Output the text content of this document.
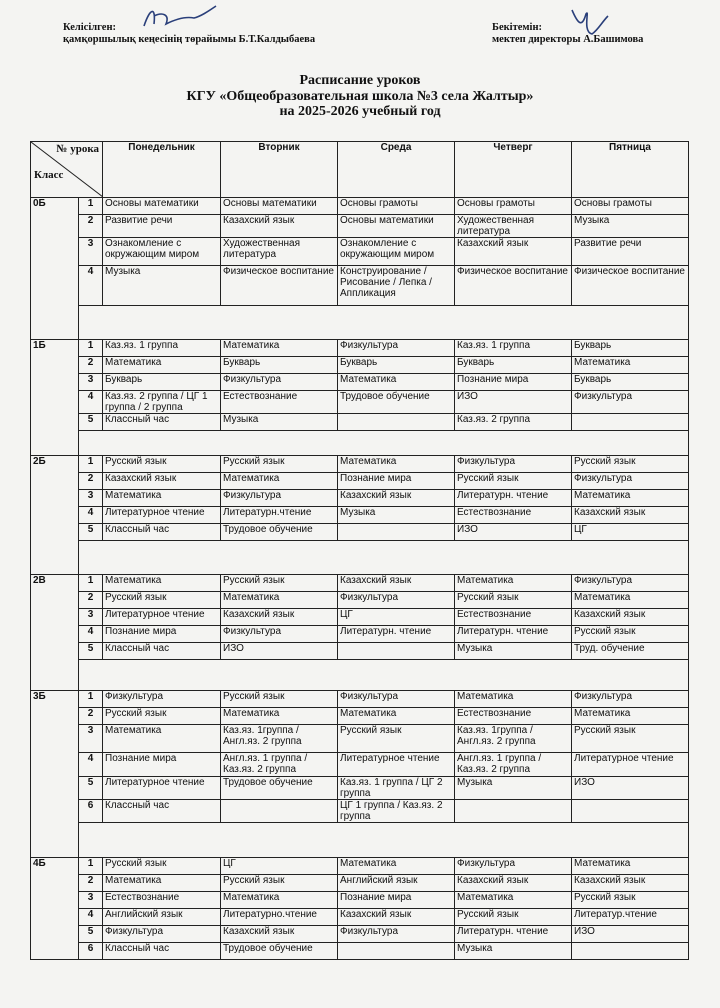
Келісілген:
қамқоршылық кеңесінің төрайымы Б.Т.Калдыбаева
Бекітемін:
мектеп директоры А.Башимова
Расписание уроков
КГУ «Общеобразовательная школа №3 села Жалтыр»
на 2025-2026 учебный год
№ урока
Класс		Понедельник	Вторник	Среда	Четверг	Пятница
0Б	1	Основы математики	Основы математики	Основы грамоты	Основы грамоты	Основы грамоты
	2	Развитие речи	Казахский язык	Основы математики	Художественная литература	Музыка
	3	Ознакомление с окружающим миром	Художественная литература	Ознакомление с окружающим миром	Казахский язык	Развитие речи
	4	Музыка	Физическое воспитание	Конструирование / Рисование / Лепка / Аппликация	Физическое воспитание	Физическое воспитание

1Б	1	Каз.яз. 1 группа	Математика	Физкультура	Каз.яз. 1 группа	Букварь
	2	Математика	Букварь	Букварь	Букварь	Математика
	3	Букварь	Физкультура	Математика	Познание мира	Букварь
	4	Каз.яз. 2 группа / ЦГ 1 группа / 2 группа	Естествознание	Трудовое обучение	ИЗО	Физкультура
	5	Классный час	Музыка		Каз.яз. 2 группа	

2Б	1	Русский язык	Русский язык	Математика	Физкультура	Русский язык
	2	Казахский язык	Математика	Познание мира	Русский язык	Физкультура
	3	Математика	Физкультура	Казахский язык	Литературн. чтение	Математика
	4	Литературное чтение	Литературн.чтение	Музыка	Естествознание	Казахский язык
	5	Классный час	Трудовое обучение		ИЗО	ЦГ

2В	1	Математика	Русский язык	Казахский язык	Математика	Физкультура
	2	Русский язык	Математика	Физкультура	Русский язык	Математика
	3	Литературное чтение	Казахский язык	ЦГ	Естествознание	Казахский язык
	4	Познание мира	Физкультура	Литературн. чтение	Литературн. чтение	Русский язык
	5	Классный час	ИЗО		Музыка	Труд. обучение

3Б	1	Физкультура	Русский язык	Физкультура	Математика	Физкультура
	2	Русский язык	Математика	Математика	Естествознание	Математика
	3	Математика	Каз.яз. 1группа / Англ.яз. 2 группа	Русский язык	Каз.яз. 1группа / Англ.яз. 2 группа	Русский язык
	4	Познание мира	Англ.яз. 1 группа / Каз.яз. 2 группа	Литературное чтение	Англ.яз. 1 группа / Каз.яз. 2 группа	Литературное чтение
	5	Литературное чтение	Трудовое обучение	Каз.яз. 1 группа / ЦГ 2 группа	Музыка	ИЗО
	6	Классный час		ЦГ 1 группа / Каз.яз. 2 группа		

4Б	1	Русский язык	ЦГ	Математика	Физкультура	Математика
	2	Математика	Русский язык	Английский язык	Казахский язык	Казахский язык
	3	Естествознание	Математика	Познание мира	Математика	Русский язык
	4	Английский язык	Литературно.чтение	Казахский язык	Русский язык	Литератур.чтение
	5	Физкультура	Казахский язык	Физкультура	Литературн. чтение	ИЗО
	6	Классный час	Трудовое обучение		Музыка	
